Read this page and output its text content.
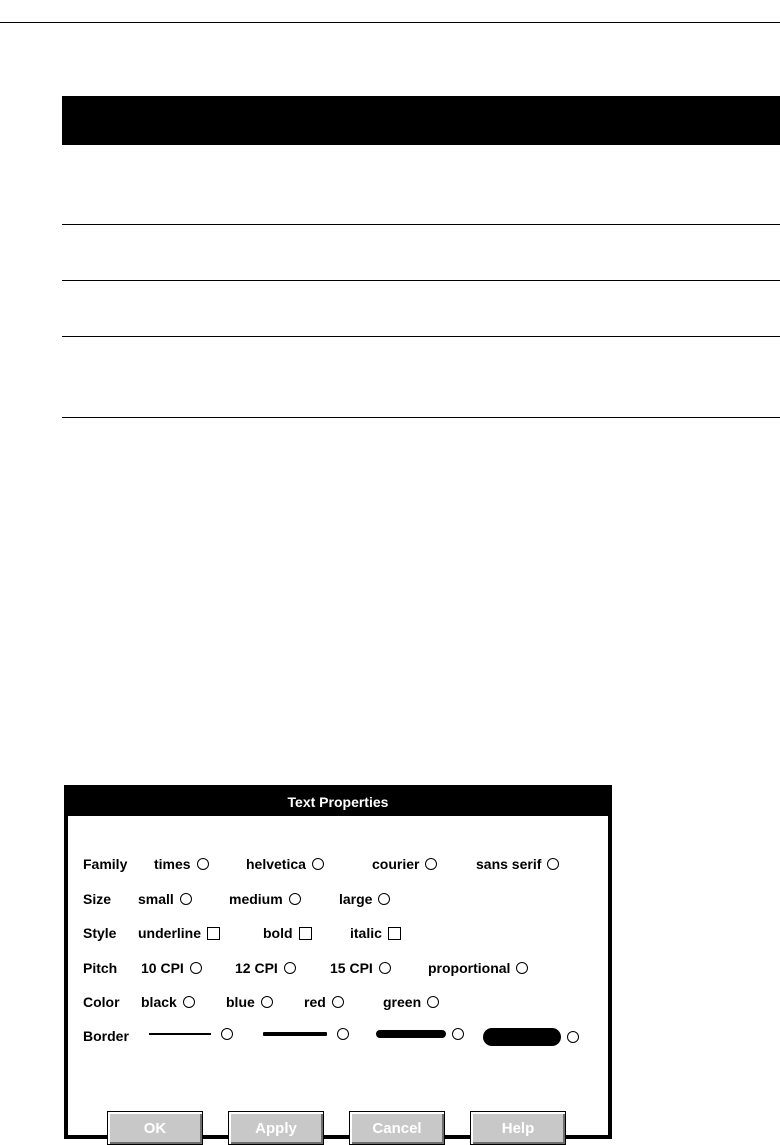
Text Properties
Family times	helvetica	courier	sans serif
Size small	medium	large
Style underline	bold	italic
Pitch 10 CPI	12 CPI	15 CPI	proportional
Color black	blue	red	green
Border
OK	Apply	Cancel	Help
